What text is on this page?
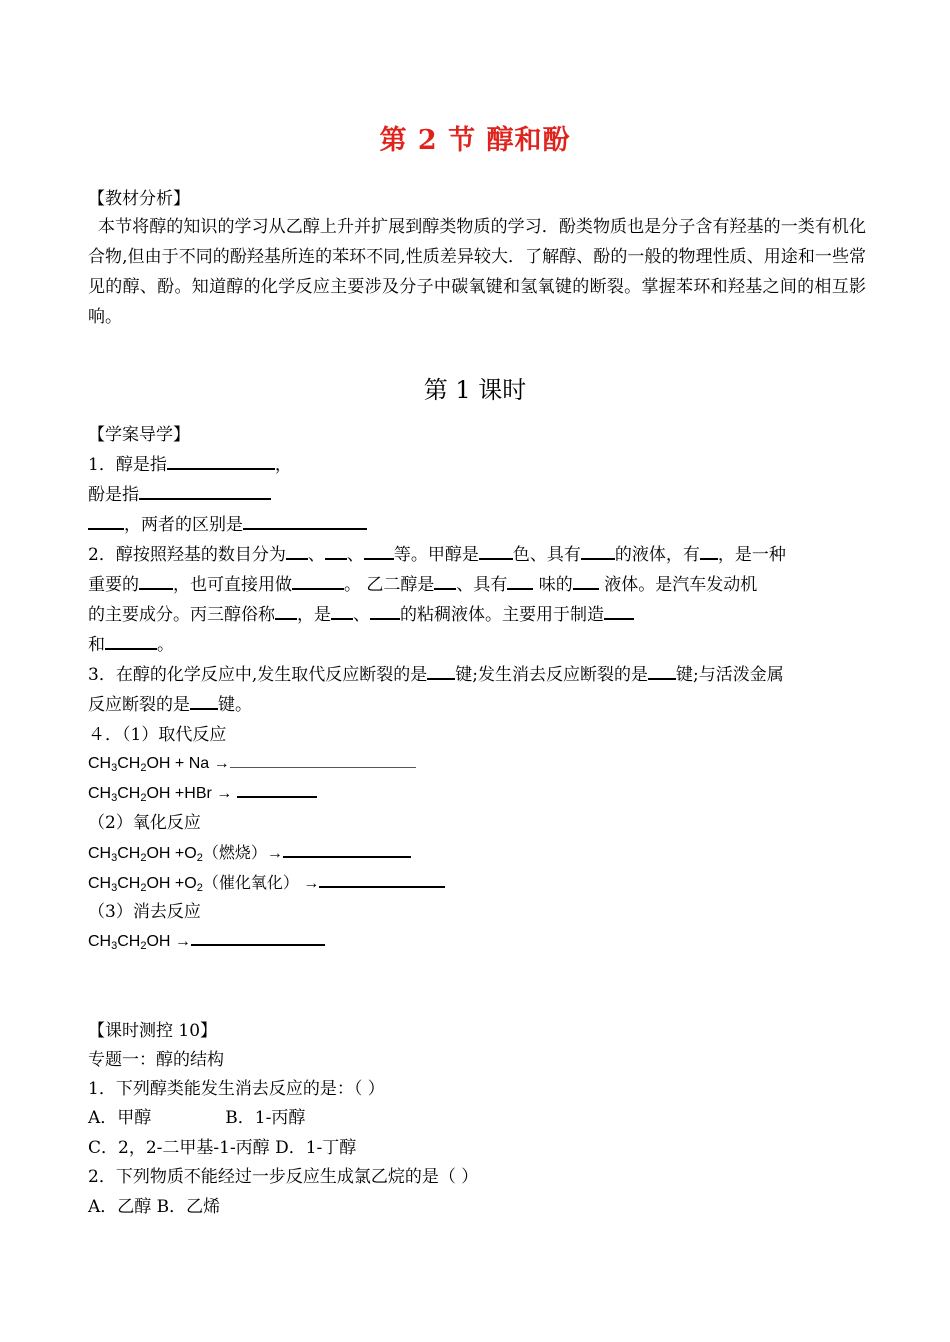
第 2 节 醇和酚
【教材分析】
本节将醇的知识的学习从乙醇上升并扩展到醇类物质的学习．酚类物质也是分子含有羟基的一类有机化合物,但由于不同的酚羟基所连的苯环不同,性质差异较大．了解醇、酚的一般的物理性质、用途和一些常见的醇、酚。知道醇的化学反应主要涉及分子中碳氧键和氢氧键的断裂。掌握苯环和羟基之间的相互影响。
第 1 课时
【学案导学】
1．醇是指	，
酚是指
，两者的区别是
2．醇按照羟基的数目分为 、 、 等。甲醇是 色、具有 的液体，有 ，是一种
重要的 ，也可直接用做	。 乙二醇是 、具有 味的 液体。是汽车发动机
的主要成分。丙三醇俗称 ，是 、 的粘稠液体。主要用于制造
和	。
3．在醇的化学反应中,发生取代反应断裂的是 键;发生消去反应断裂的是 键;与活泼金属
反应断裂的是 键。
４．（1）取代反应
$CH_3CH_2OH + Na$ →
$CH_3CH_2OH +HBr$ →
（2）氧化反应
$CH_3CH_2OH +O_2$（燃烧）→
$CH_3CH_2OH +O_2$（催化氧化） →
（3）消去反应
$CH_3CH_2OH$ →
【课时测控 10】
专题一：醇的结构
1．下列醇类能发生消去反应的是：（ ）
A．甲醇	B．1-丙醇
C．2，2-二甲基-1-丙醇 D．1-丁醇
2．下列物质不能经过一步反应生成氯乙烷的是（ ）
A．乙醇 B．乙烯
